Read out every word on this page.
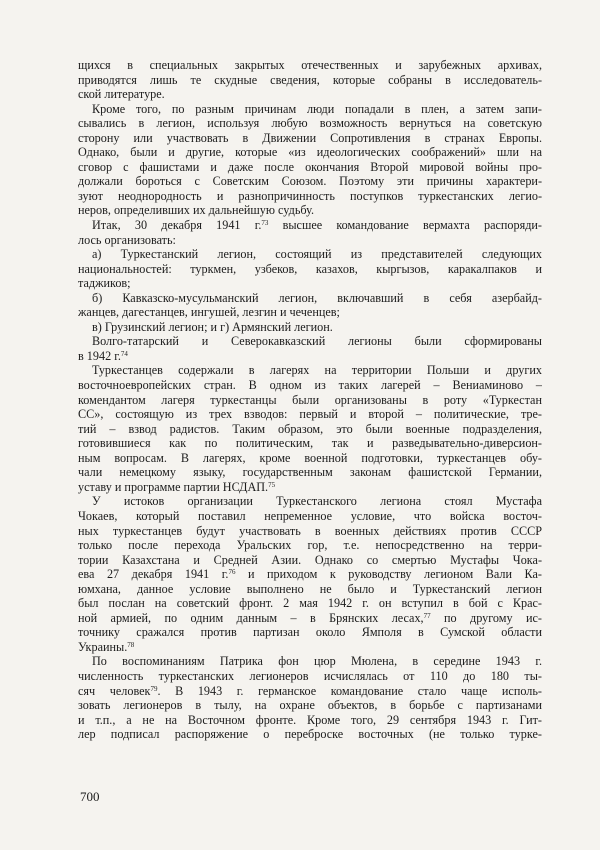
щихся в специальных закрытых отечественных и зарубежных архивах,
приводятся лишь те скудные сведения, которые собраны в исследователь-
ской литературе.
Кроме того, по разным причинам люди попадали в плен, а затем запи-
сывались в легион, используя любую возможность вернуться на советскую
сторону или участвовать в Движении Сопротивления в странах Европы.
Однако, были и другие, которые «из идеологических соображений» шли на
сговор с фашистами и даже после окончания Второй мировой войны про-
должали бороться с Советским Союзом. Поэтому эти причины характери-
зуют неоднородность и разнопричинность поступков туркестанских легио-
неров, определивших их дальнейшую судьбу.
Итак, 30 декабря 1941 г.$^{73}$ высшее командование вермахта распоряди-
лось организовать:
а) Туркестанский легион, состоящий из представителей следующих
национальностей: туркмен, узбеков, казахов, кыргызов, каракалпаков и
таджиков;
б) Кавказско-мусульманский легион, включавший в себя азербайд-
жанцев, дагестанцев, ингушей, лезгин и чеченцев;
в) Грузинский легион; и г) Армянский легион.
Волго-татарский и Северокавказский легионы были сформированы
в 1942 г.$^{74}$
Туркестанцев содержали в лагерях на территории Польши и других
восточноевропейских стран. В одном из таких лагерей – Вениаминово –
комендантом лагеря туркестанцы были организованы в роту «Туркестан
СС», состоящую из трех взводов: первый и второй – политические, тре-
тий – взвод радистов. Таким образом, это были военные подразделения,
готовившиеся как по политическим, так и разведывательно-диверсион-
ным вопросам. В лагерях, кроме военной подготовки, туркестанцев обу-
чали немецкому языку, государственным законам фашистской Германии,
уставу и программе партии НСДАП.$^{75}$
У истоков организации Туркестанского легиона стоял Мустафа
Чокаев, который поставил непременное условие, что войска восточ-
ных туркестанцев будут участвовать в военных действиях против СССР
только после перехода Уральских гор, т.е. непосредственно на терри-
тории Казахстана и Средней Азии. Однако со смертью Мустафы Чока-
ева 27 декабря 1941 г.$^{76}$ и приходом к руководству легионом Вали Ка-
юмхана, данное условие выполнено не было и Туркестанский легион
был послан на советский фронт. 2 мая 1942 г. он вступил в бой с Крас-
ной армией, по одним данным – в Брянских лесах,$^{77}$ по другому ис-
точнику сражался против партизан около Ямполя в Сумской области
Украины.$^{78}$
По воспоминаниям Патрика фон цюр Мюлена, в середине 1943 г.
численность туркестанских легионеров исчислялась от 110 до 180 ты-
сяч человек$^{79}$. В 1943 г. германское командование стало чаще исполь-
зовать легионеров в тылу, на охране объектов, в борьбе с партизанами
и т.п., а не на Восточном фронте. Кроме того, 29 сентября 1943 г. Гит-
лер подписал распоряжение о переброске восточных (не только турке-
700
